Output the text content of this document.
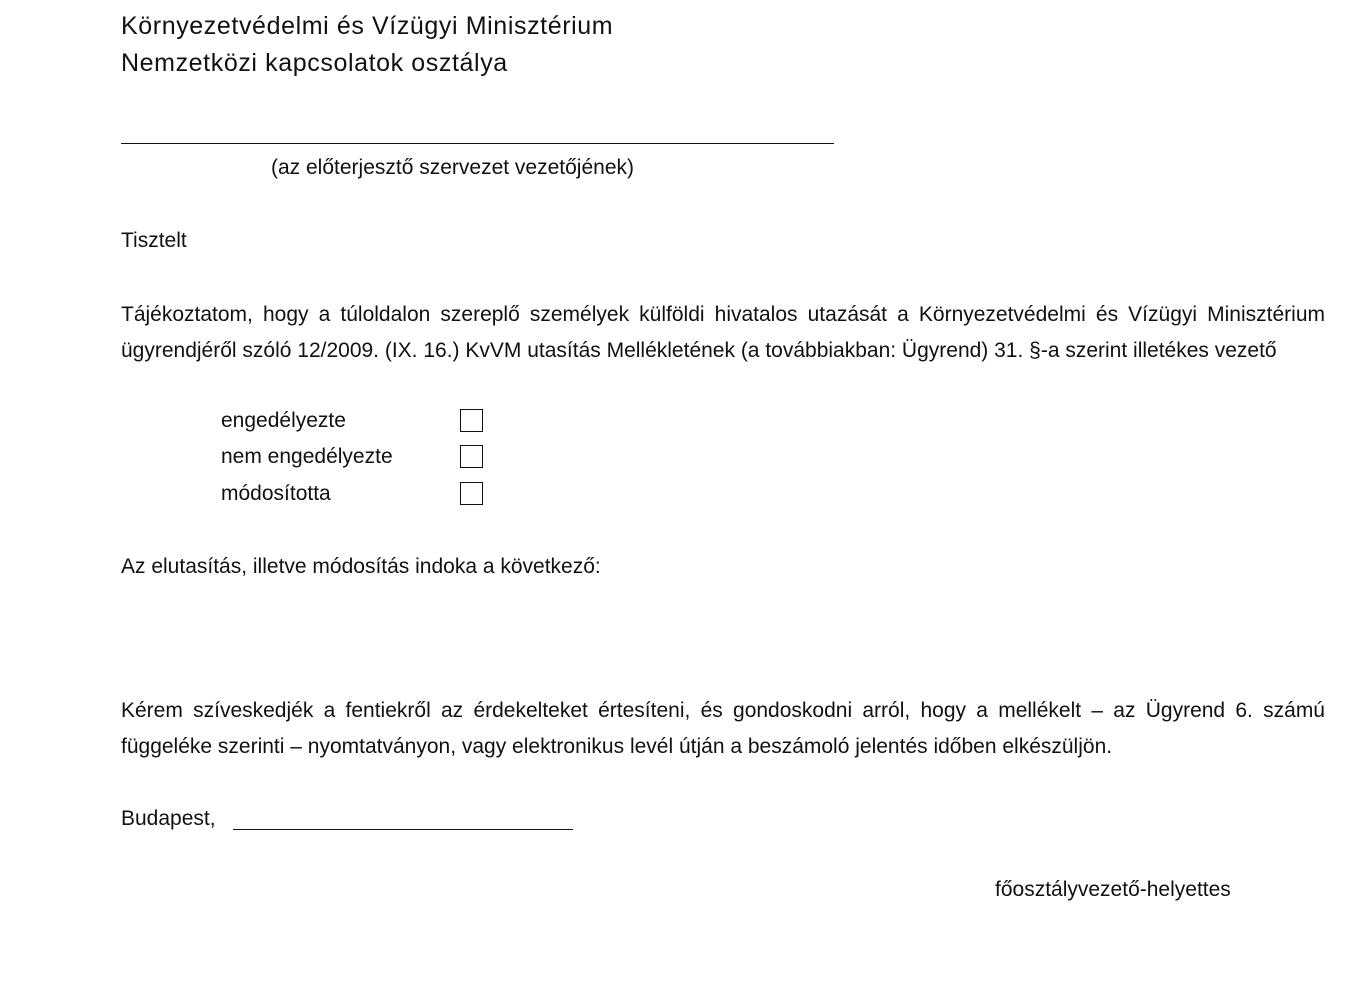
Környezetvédelmi és Vízügyi Minisztérium
Nemzetközi kapcsolatok osztálya
(az előterjesztő szervezet vezetőjének)
Tisztelt
Tájékoztatom, hogy a túloldalon szereplő személyek külföldi hivatalos utazását a Környezetvédelmi és Vízügyi Minisztérium ügyrendjéről szóló 12/2009. (IX. 16.) KvVM utasítás Mellékletének (a továbbiakban: Ügyrend) 31. §-a szerint illetékes vezető
engedélyezte
nem engedélyezte
módosította
Az elutasítás, illetve módosítás indoka a következő:
Kérem szíveskedjék a fentiekről az érdekelteket értesíteni, és gondoskodni arról, hogy a mellékelt – az Ügyrend 6. számú függeléke szerinti – nyomtatványon, vagy elektronikus levél útján a beszámoló jelentés időben elkészüljön.
Budapest,
főosztályvezető-helyettes
